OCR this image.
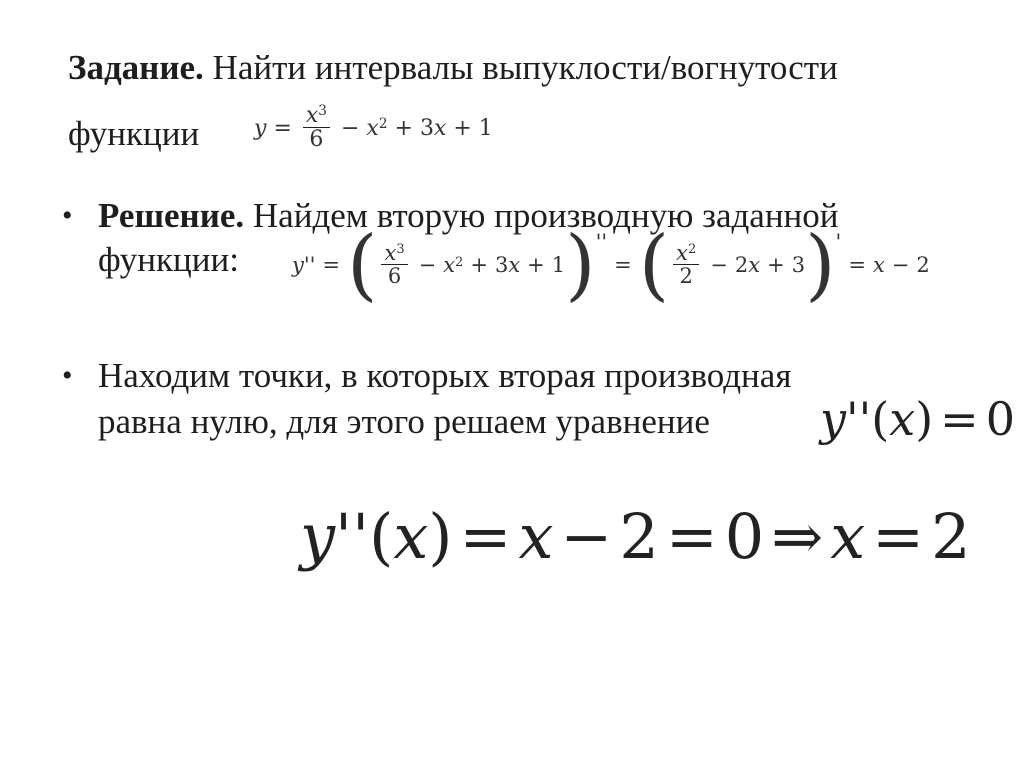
Задание. Найти интервалы выпуклости/вогнутости

функции $y = \frac{x^3}{6} - x^2 + 3x + 1$
• Решение. Найдем вторую производную заданной

функции:	y'' = ( $\frac{x^3}{6} - x^2 + 3x + 1$ ) ''
= ( $\frac{x^2}{2} - 2x + 3$ ) '
= x − 2
• Находим точки, в которых вторая производная

равна нулю, для этого решаем уравнение y'' ( x ) = 0
y'' ( x ) = x − 2 = 0 ⇒ x = 2
